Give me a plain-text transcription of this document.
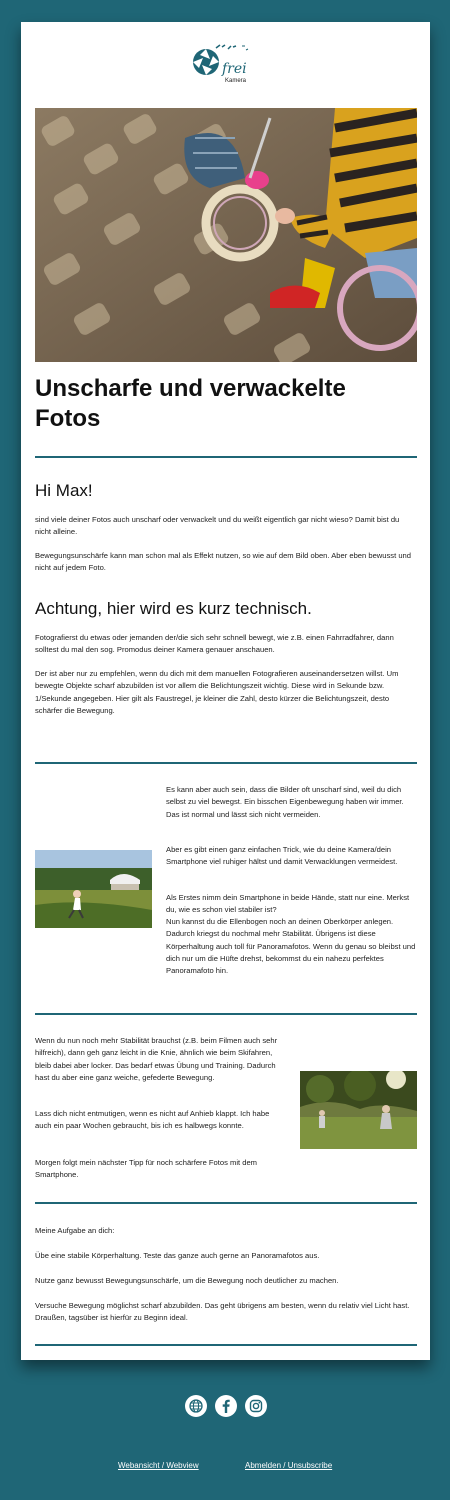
frei
Kamera
Unscharfe und verwackelte Fotos
Hi Max!
sind viele deiner Fotos auch unscharf oder verwackelt und du weißt eigentlich gar nicht wieso? Damit bist du nicht alleine.
Bewegungsunschärfe kann man schon mal als Effekt nutzen, so wie auf dem Bild oben. Aber eben bewusst und nicht auf jedem Foto.
Achtung, hier wird es kurz technisch.
Fotografierst du etwas oder jemanden der/die sich sehr schnell bewegt, wie z.B. einen Fahrradfahrer, dann solltest du mal den sog. Promodus deiner Kamera genauer anschauen.
Der ist aber nur zu empfehlen, wenn du dich mit dem manuellen Fotografieren auseinandersetzen willst. Um bewegte Objekte scharf abzubilden ist vor allem die Belichtungszeit wichtig. Diese wird in Sekunde bzw. 1/Sekunde angegeben. Hier gilt als Faustregel, je kleiner die Zahl, desto kürzer die Belichtungszeit, desto schärfer die Bewegung.
Es kann aber auch sein, dass die Bilder oft unscharf sind, weil du dich selbst zu viel bewegst. Ein bisschen Eigenbewegung haben wir immer. Das ist normal und lässt sich nicht vermeiden.
Aber es gibt einen ganz einfachen Trick, wie du deine Kamera/dein Smartphone viel ruhiger hältst und damit Verwacklungen vermeidest.
Als Erstes nimm dein Smartphone in beide Hände, statt nur eine. Merkst du, wie es schon viel stabiler ist?
Nun kannst du die Ellenbogen noch an deinen Oberkörper anlegen. Dadurch kriegst du nochmal mehr Stabilität. Übrigens ist diese Körperhaltung auch toll für Panoramafotos. Wenn du genau so bleibst und dich nur um die Hüfte drehst, bekommst du ein nahezu perfektes Panoramafoto hin.
Wenn du nun noch mehr Stabilität brauchst (z.B. beim Filmen auch sehr hilfreich), dann geh ganz leicht in die Knie, ähnlich wie beim Skifahren, bleib dabei aber locker. Das bedarf etwas Übung und Training. Dadurch hast du aber eine ganz weiche, gefederte Bewegung.
Lass dich nicht entmutigen, wenn es nicht auf Anhieb klappt. Ich habe auch ein paar Wochen gebraucht, bis ich es halbwegs konnte.
Morgen folgt mein nächster Tipp für noch schärfere Fotos mit dem Smartphone.
Meine Aufgabe an dich:
Übe eine stabile Körperhaltung. Teste das ganze auch gerne an Panoramafotos aus.
Nutze ganz bewusst Bewegungsunschärfe, um die Bewegung noch deutlicher zu machen.
Versuche Bewegung möglichst scharf abzubilden. Das geht übrigens am besten, wenn du relativ viel Licht hast. Draußen, tagsüber ist hierfür zu Beginn ideal.
Webansicht / Webview	Abmelden / Unsubscribe
